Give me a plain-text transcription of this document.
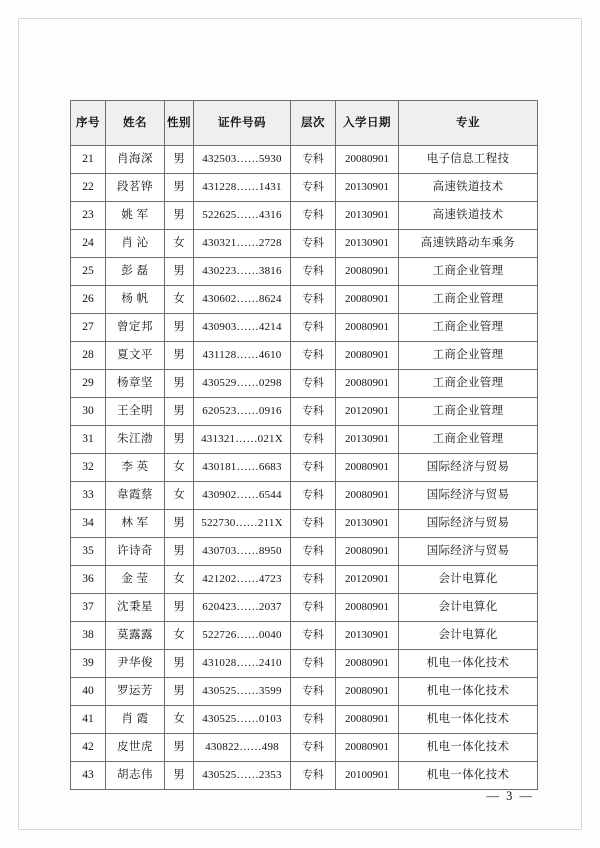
序号	姓名	性别	证件号码	层次	入学日期	专业
21	肖海深	男	432503……5930	专科	20080901	电子信息工程技
22	段茗铧	男	431228……1431	专科	20130901	高速铁道技术
23	姚 军	男	522625……4316	专科	20130901	高速铁道技术
24	肖 沁	女	430321……2728	专科	20130901	高速铁路动车乘务
25	彭 磊	男	430223……3816	专科	20080901	工商企业管理
26	杨 帆	女	430602……8624	专科	20080901	工商企业管理
27	曾定邦	男	430903……4214	专科	20080901	工商企业管理
28	夏文平	男	431128……4610	专科	20080901	工商企业管理
29	杨章坚	男	430529……0298	专科	20080901	工商企业管理
30	王全明	男	620523……0916	专科	20120901	工商企业管理
31	朱江渤	男	431321……021X	专科	20130901	工商企业管理
32	李 英	女	430181……6683	专科	20080901	国际经济与贸易
33	韋霞蔡	女	430902……6544	专科	20080901	国际经济与贸易
34	林 军	男	522730……211X	专科	20130901	国际经济与贸易
35	许诗奇	男	430703……8950	专科	20080901	国际经济与贸易
36	金 莹	女	421202……4723	专科	20120901	会计电算化
37	沈秉星	男	620423……2037	专科	20080901	会计电算化
38	莫露露	女	522726……0040	专科	20130901	会计电算化
39	尹华俊	男	431028……2410	专科	20080901	机电一体化技术
40	罗运芳	男	430525……3599	专科	20080901	机电一体化技术
41	肖 霞	女	430525……0103	专科	20080901	机电一体化技术
42	皮世虎	男	430822……498	专科	20080901	机电一体化技术
43	胡志伟	男	430525……2353	专科	20100901	机电一体化技术
— 3 —
